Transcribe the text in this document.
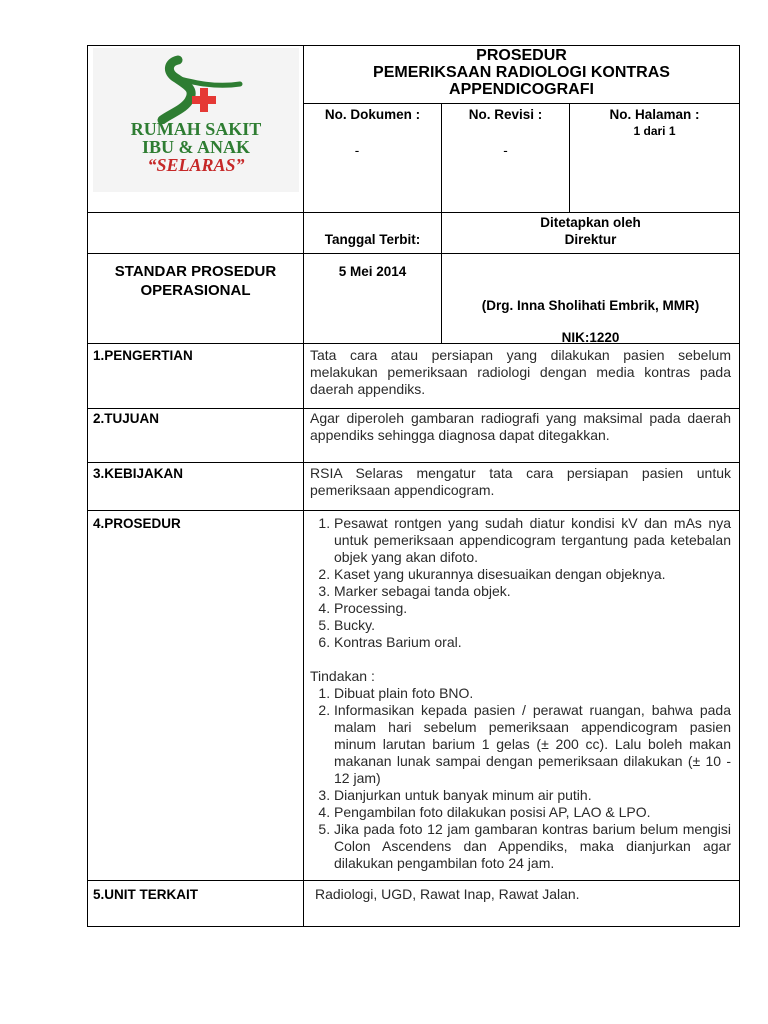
RUMAH SAKIT
IBU & ANAK
“SELARAS”
PROSEDUR
PEMERIKSAAN RADIOLOGI KONTRAS
APPENDICOGRAFI
No. Dokumen :
-
No. Revisi :
-
No. Halaman :
1 dari 1
Tanggal Terbit:
Ditetapkan oleh
Direktur
STANDAR PROSEDUR
OPERASIONAL
5 Mei 2014
(Drg. Inna Sholihati Embrik, MMR)
NIK:1220
1.PENGERTIAN	Tata cara atau persiapan yang dilakukan pasien sebelum melakukan pemeriksaan radiologi dengan media kontras pada daerah appendiks.
2.TUJUAN	Agar diperoleh gambaran radiografi yang maksimal pada daerah appendiks sehingga diagnosa dapat ditegakkan.
3.KEBIJAKAN	RSIA Selaras mengatur tata cara persiapan pasien untuk pemeriksaan appendicogram.
4.PROSEDUR
1.	Pesawat rontgen yang sudah diatur kondisi kV dan mAs nya untuk pemeriksaan appendicogram tergantung pada ketebalan objek yang akan difoto.
2. Kaset yang ukurannya disesuaikan dengan objeknya.
3. Marker sebagai tanda objek.
4. Processing.
5. Bucky.
6. Kontras Barium oral.
Tindakan :
1. Dibuat plain foto BNO.
2. Informasikan kepada pasien / perawat ruangan, bahwa pada malam hari sebelum pemeriksaan appendicogram pasien minum larutan barium 1 gelas (± 200 cc). Lalu boleh makan makanan lunak sampai dengan pemeriksaan dilakukan (± 10 - 12 jam)
3. Dianjurkan untuk banyak minum air putih.
4. Pengambilan foto dilakukan posisi AP, LAO & LPO.
5. Jika pada foto 12 jam gambaran kontras barium belum mengisi Colon Ascendens dan Appendiks, maka dianjurkan agar dilakukan pengambilan foto 24 jam.
5.UNIT TERKAIT	Radiologi, UGD, Rawat Inap, Rawat Jalan.
